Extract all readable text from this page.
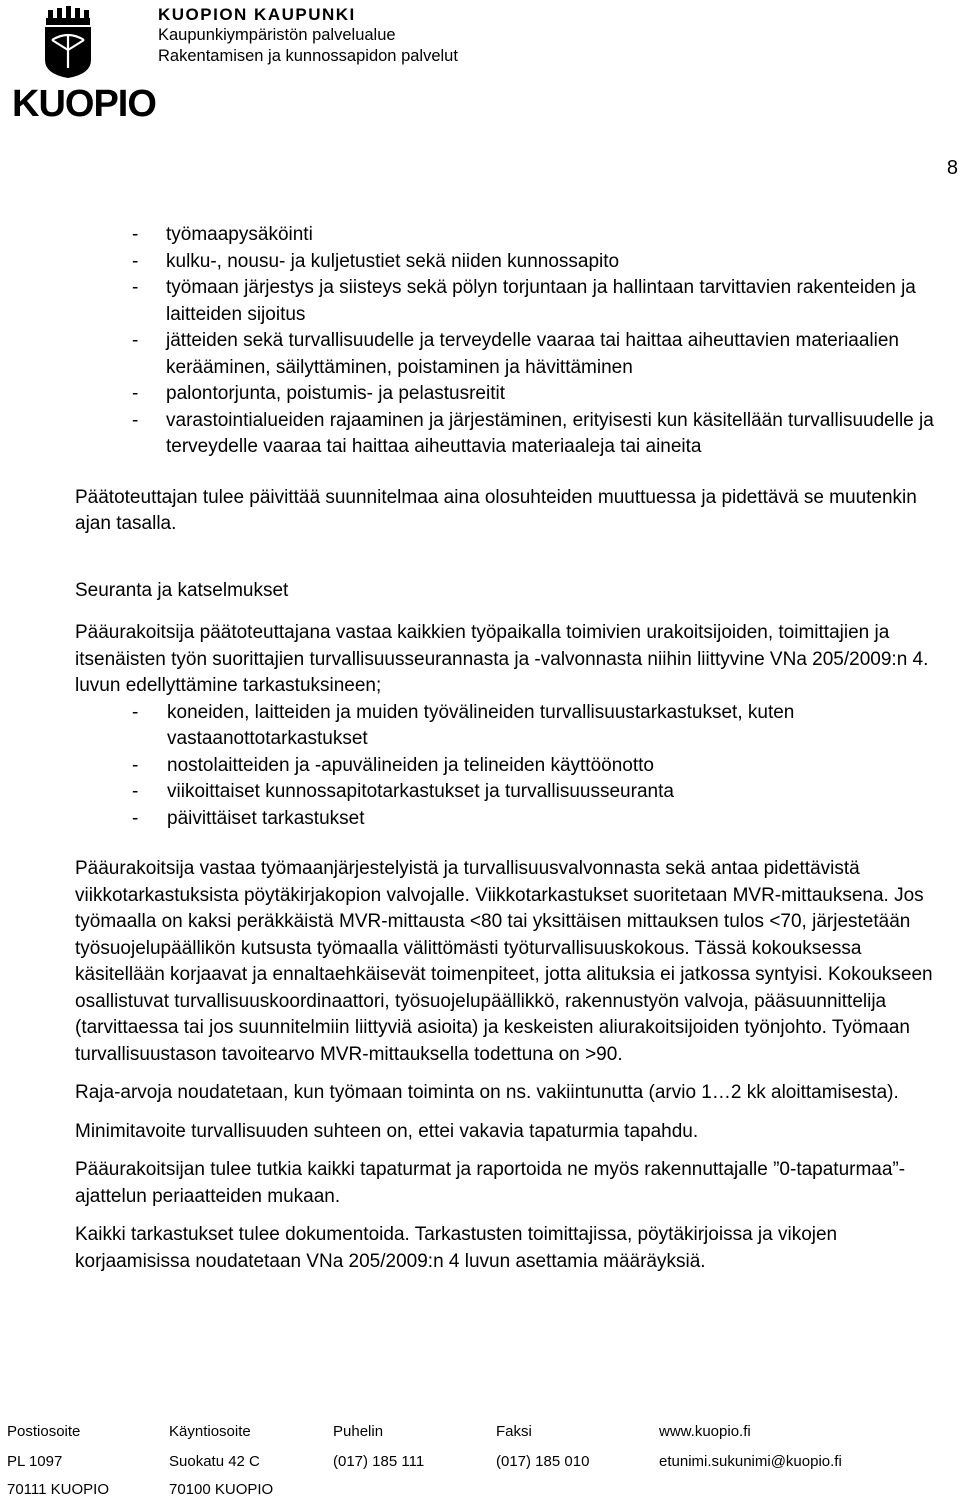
KUOPIO
KUOPION KAUPUNKI
Kaupunkiympäristön palvelualue
Rakentamisen ja kunnossapidon palvelut
8
- työmaapysäköinti
- kulku-, nousu- ja kuljetustiet sekä niiden kunnossapito
- työmaan järjestys ja siisteys sekä pölyn torjuntaan ja hallintaan tarvittavien rakenteiden ja laitteiden sijoitus
- jätteiden sekä turvallisuudelle ja terveydelle vaaraa tai haittaa aiheuttavien materiaalien kerääminen, säilyttäminen, poistaminen ja hävittäminen
- palontorjunta, poistumis- ja pelastusreitit
- varastointialueiden rajaaminen ja järjestäminen, erityisesti kun käsitellään turvallisuudelle ja terveydelle vaaraa tai haittaa aiheuttavia materiaaleja tai aineita

Päätoteuttajan tulee päivittää suunnitelmaa aina olosuhteiden muuttuessa ja pidettävä se muutenkin ajan tasalla.

Seuranta ja katselmukset

Pääurakoitsija päätoteuttajana vastaa kaikkien työpaikalla toimivien urakoitsijoiden, toimittajien ja itsenäisten työn suorittajien turvallisuusseurannasta ja -valvonnasta niihin liittyvine VNa 205/2009:n 4. luvun edellyttämine tarkastuksineen;

- koneiden, laitteiden ja muiden työvälineiden turvallisuustarkastukset, kuten vastaanottotarkastukset
- nostolaitteiden ja -apuvälineiden ja telineiden käyttöönotto
- viikoittaiset kunnossapitotarkastukset ja turvallisuusseuranta
- päivittäiset tarkastukset

Pääurakoitsija vastaa työmaanjärjestelyistä ja turvallisuusvalvonnasta sekä antaa pidettävistä viikkotarkastuksista pöytäkirjakopion valvojalle. Viikkotarkastukset suoritetaan MVR-mittauksena. Jos työmaalla on kaksi peräkkäistä MVR-mittausta <80 tai yksittäisen mittauksen tulos <70, järjestetään työsuojelupäällikön kutsusta työmaalla välittömästi työturvallisuuskokous. Tässä kokouksessa käsitellään korjaavat ja ennaltaehkäisevät toimenpiteet, jotta alituksia ei jatkossa syntyisi. Kokoukseen osallistuvat turvallisuuskoordinaattori, työsuojelupäällikkö, rakennustyön valvoja, pääsuunnittelija (tarvittaessa tai jos suunnitelmiin liittyviä asioita) ja keskeisten aliurakoitsijoiden työnjohto. Työmaan turvallisuustason tavoitearvo MVR-mittauksella todettuna on >90.

Raja-arvoja noudatetaan, kun työmaan toiminta on ns. vakiintunutta (arvio 1…2 kk aloittamisesta).

Minimitavoite turvallisuuden suhteen on, ettei vakavia tapaturmia tapahdu.

Pääurakoitsijan tulee tutkia kaikki tapaturmat ja raportoida ne myös rakennuttajalle ”0-tapaturmaa”-ajattelun periaatteiden mukaan.

Kaikki tarkastukset tulee dokumentoida. Tarkastusten toimittajissa, pöytäkirjoissa ja vikojen korjaamisissa noudatetaan VNa 205/2009:n 4 luvun asettamia määräyksiä.

Postiosoite	Käyntiosoite	Puhelin	Faksi	www.kuopio.fi
PL 1097	Suokatu 42 C	(017) 185 111	(017) 185 010	etunimi.sukunimi@kuopio.fi
70111 KUOPIO	70100 KUOPIO
